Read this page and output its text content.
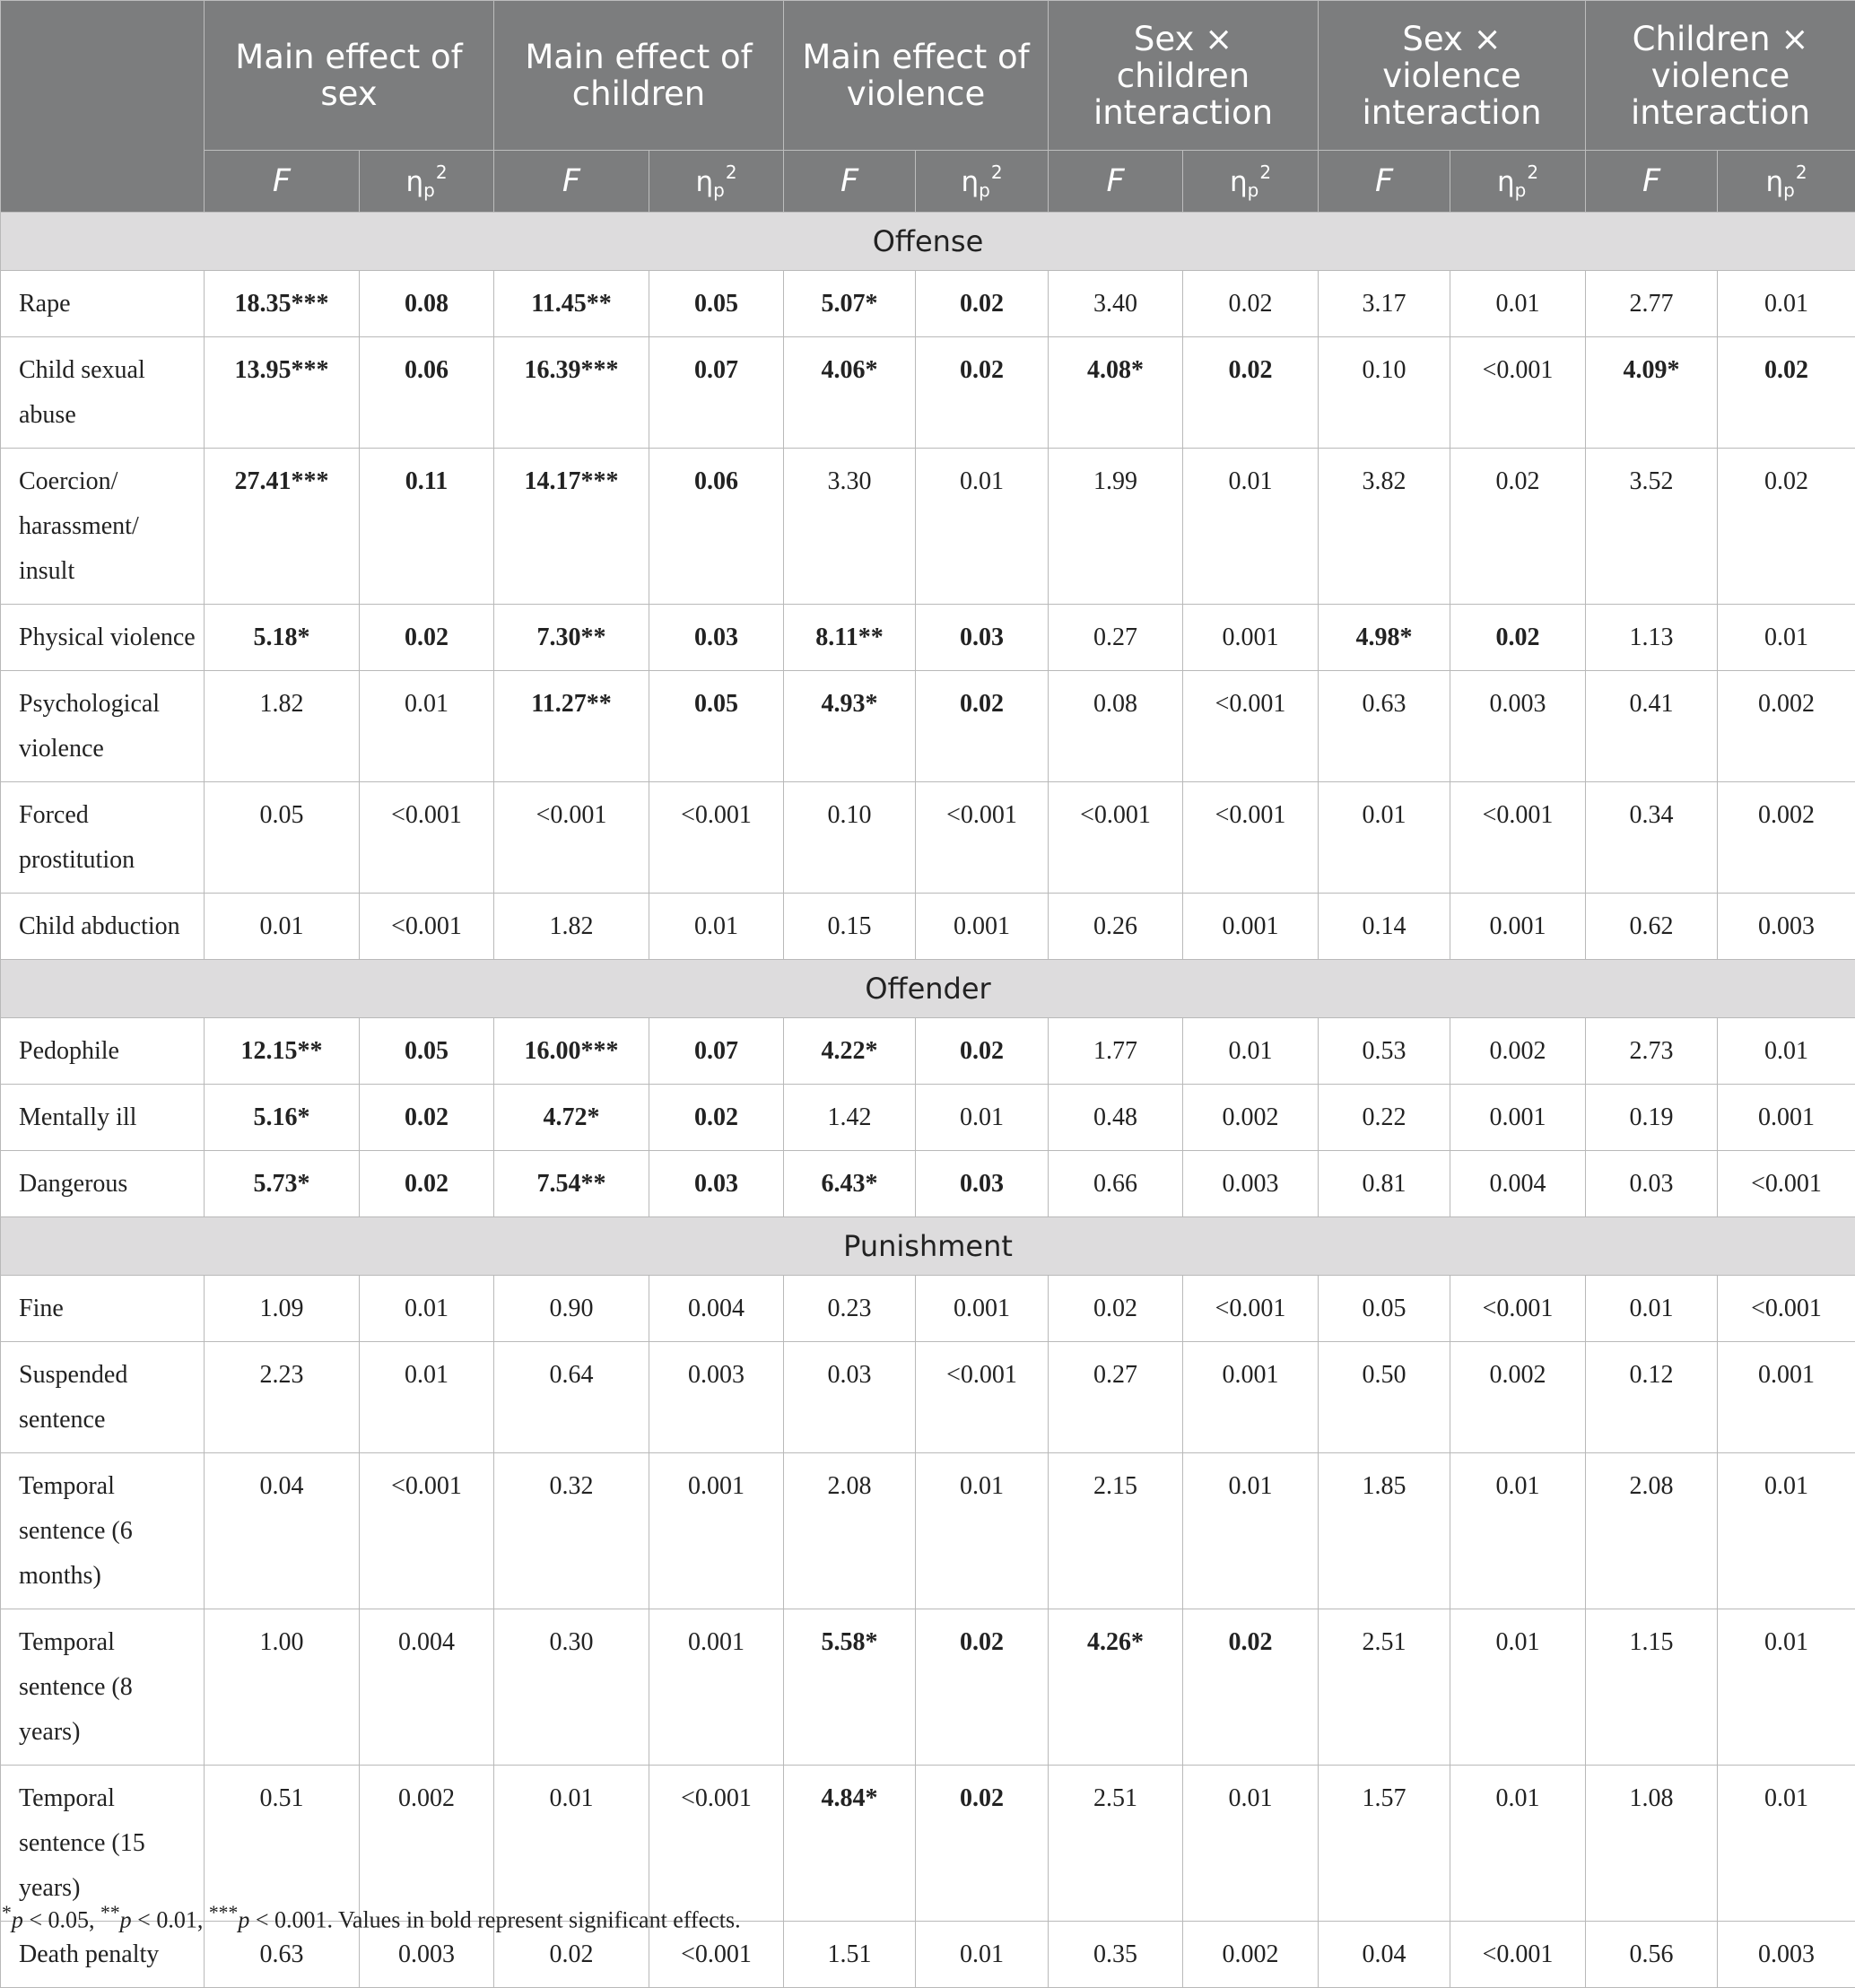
	Main effect of sex		Main effect of children		Main effect of violence		Sex × children interaction		Sex × violence interaction		Children × violence interaction	
	F	$\eta_p^2$	F	$\eta_p^2$	F	$\eta_p^2$	F	$\eta_p^2$	F	$\eta_p^2$	F	$\eta_p^2$
Offense												
Rape	18.35***	0.08	11.45**	0.05	5.07*	0.02	3.40	0.02	3.17	0.01	2.77	0.01
Child sexual abuse	13.95***	0.06	16.39***	0.07	4.06*	0.02	4.08*	0.02	0.10	<0.001	4.09*	0.02
Coercion/ harassment/ insult	27.41***	0.11	14.17***	0.06	3.30	0.01	1.99	0.01	3.82	0.02	3.52	0.02
Physical violence	5.18*	0.02	7.30**	0.03	8.11**	0.03	0.27	0.001	4.98*	0.02	1.13	0.01
Psychological violence	1.82	0.01	11.27**	0.05	4.93*	0.02	0.08	<0.001	0.63	0.003	0.41	0.002
Forced prostitution	0.05	<0.001	<0.001	<0.001	0.10	<0.001	<0.001	<0.001	0.01	<0.001	0.34	0.002
Child abduction	0.01	<0.001	1.82	0.01	0.15	0.001	0.26	0.001	0.14	0.001	0.62	0.003
Offender												
Pedophile	12.15**	0.05	16.00***	0.07	4.22*	0.02	1.77	0.01	0.53	0.002	2.73	0.01
Mentally ill	5.16*	0.02	4.72*	0.02	1.42	0.01	0.48	0.002	0.22	0.001	0.19	0.001
Dangerous	5.73*	0.02	7.54**	0.03	6.43*	0.03	0.66	0.003	0.81	0.004	0.03	<0.001
Punishment												
Fine	1.09	0.01	0.90	0.004	0.23	0.001	0.02	<0.001	0.05	<0.001	0.01	<0.001
Suspended sentence	2.23	0.01	0.64	0.003	0.03	<0.001	0.27	0.001	0.50	0.002	0.12	0.001
Temporal sentence (6 months)	0.04	<0.001	0.32	0.001	2.08	0.01	2.15	0.01	1.85	0.01	2.08	0.01
Temporal sentence (8 years)	1.00	0.004	0.30	0.001	5.58*	0.02	4.26*	0.02	2.51	0.01	1.15	0.01
Temporal sentence (15 years)	0.51	0.002	0.01	<0.001	4.84*	0.02	2.51	0.01	1.57	0.01	1.08	0.01
Death penalty	0.63	0.003	0.02	<0.001	1.51	0.01	0.35	0.002	0.04	<0.001	0.56	0.003
*p < 0.05, **p < 0.01, ***p < 0.001. Values in bold represent significant effects.
